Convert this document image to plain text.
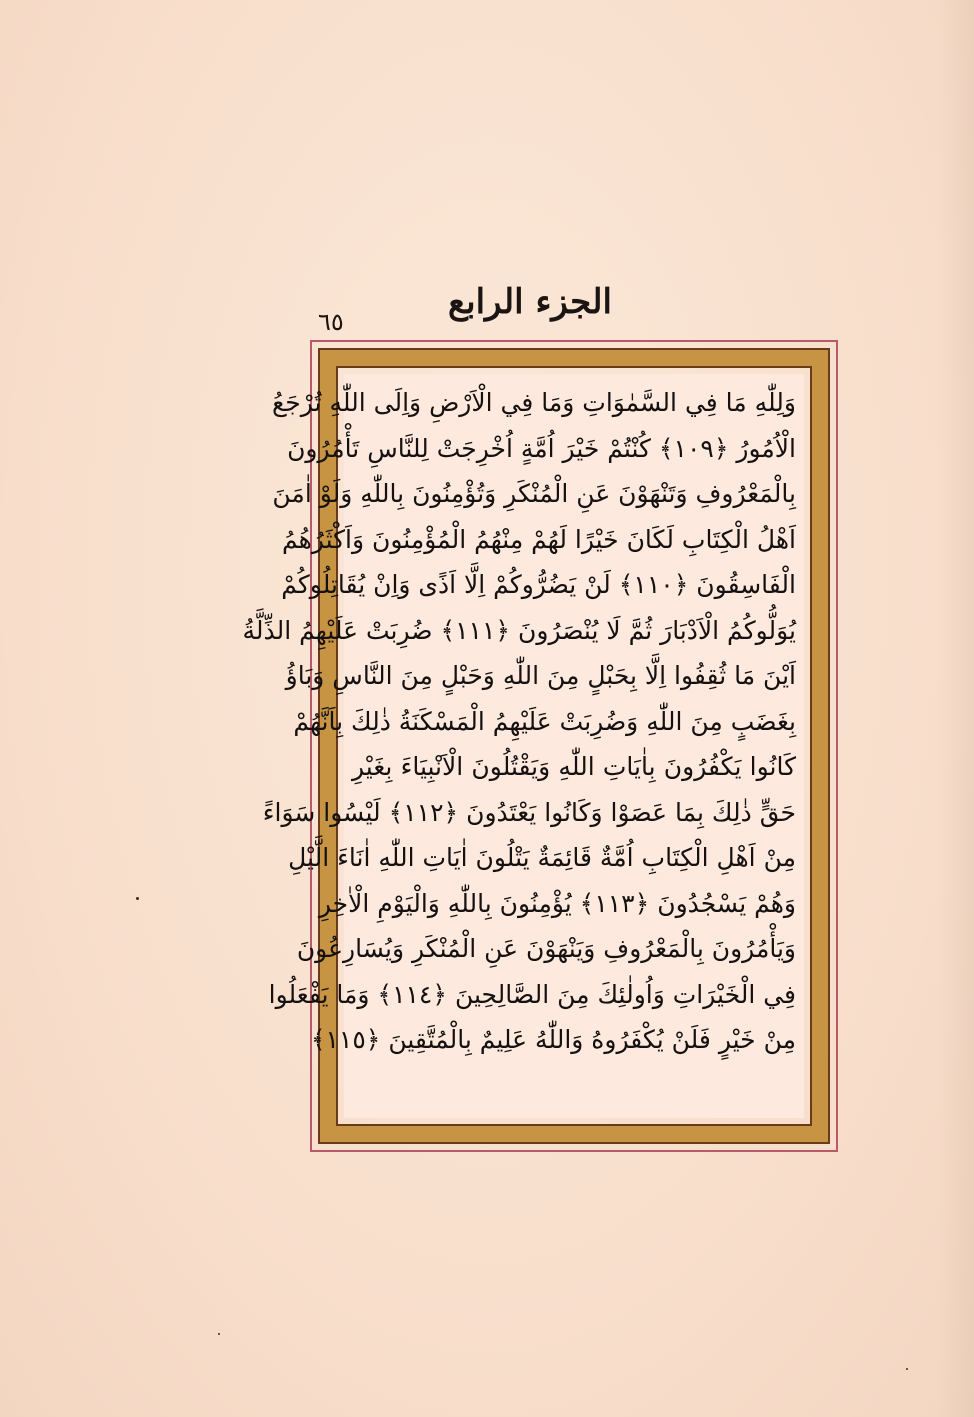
الجزء الرابع
٦٥
وَلِلّٰهِ مَا فِي السَّمٰوَاتِ وَمَا فِي الْاَرْضِ وَاِلَى اللّٰهِ تُرْجَعُ
الْاُمُورُ ﴿١٠٩﴾ كُنْتُمْ خَيْرَ اُمَّةٍ اُخْرِجَتْ لِلنَّاسِ تَأْمُرُونَ
بِالْمَعْرُوفِ وَتَنْهَوْنَ عَنِ الْمُنْكَرِ وَتُؤْمِنُونَ بِاللّٰهِ وَلَوْ اٰمَنَ
اَهْلُ الْكِتَابِ لَكَانَ خَيْرًا لَهُمْ مِنْهُمُ الْمُؤْمِنُونَ وَاَكْثَرُهُمُ
الْفَاسِقُونَ ﴿١١٠﴾ لَنْ يَضُرُّوكُمْ اِلَّا اَذًى وَاِنْ يُقَاتِلُوكُمْ
يُوَلُّوكُمُ الْاَدْبَارَ ثُمَّ لَا يُنْصَرُونَ ﴿١١١﴾ ضُرِبَتْ عَلَيْهِمُ الذِّلَّةُ
اَيْنَ مَا ثُقِفُوا اِلَّا بِحَبْلٍ مِنَ اللّٰهِ وَحَبْلٍ مِنَ النَّاسِ وَبَاؤُ
بِغَضَبٍ مِنَ اللّٰهِ وَضُرِبَتْ عَلَيْهِمُ الْمَسْكَنَةُ ذٰلِكَ بِاَنَّهُمْ
كَانُوا يَكْفُرُونَ بِاٰيَاتِ اللّٰهِ وَيَقْتُلُونَ الْاَنْبِيَاءَ بِغَيْرِ
حَقٍّ ذٰلِكَ بِمَا عَصَوْا وَكَانُوا يَعْتَدُونَ ﴿١١٢﴾ لَيْسُوا سَوَاءً
مِنْ اَهْلِ الْكِتَابِ اُمَّةٌ قَائِمَةٌ يَتْلُونَ اٰيَاتِ اللّٰهِ اٰنَاءَ الَّيْلِ
وَهُمْ يَسْجُدُونَ ﴿١١٣﴾ يُؤْمِنُونَ بِاللّٰهِ وَالْيَوْمِ الْاٰخِرِ
وَيَأْمُرُونَ بِالْمَعْرُوفِ وَيَنْهَوْنَ عَنِ الْمُنْكَرِ وَيُسَارِعُونَ
فِي الْخَيْرَاتِ وَاُولٰئِكَ مِنَ الصَّالِحِينَ ﴿١١٤﴾ وَمَا يَفْعَلُوا
مِنْ خَيْرٍ فَلَنْ يُكْفَرُوهُ وَاللّٰهُ عَلِيمٌ بِالْمُتَّقِينَ ﴿١١٥﴾
